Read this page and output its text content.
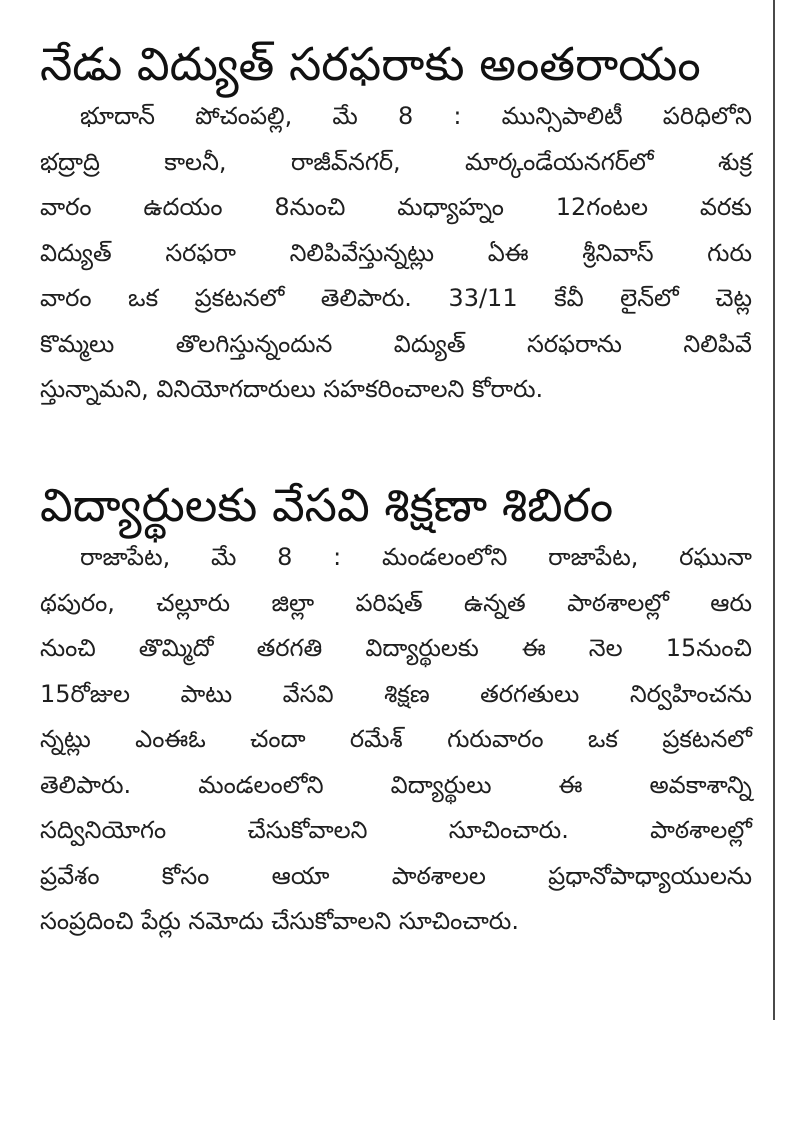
నేడు విద్యుత్ సరఫరాకు అంతరాయం

భూదాన్ పోచంపల్లి, మే 8 : మున్సిపాలిటీ పరిధిలోని
భద్రాద్రి కాలనీ, రాజీవ్‌నగర్, మార్కండేయనగర్‌లో శుక్ర
వారం ఉదయం 8నుంచి మధ్యాహ్నం 12గంటల వరకు
విద్యుత్ సరఫరా నిలిపివేస్తున్నట్లు ఏఈ శ్రీనివాస్ గురు
వారం ఒక ప్రకటనలో తెలిపారు. 33/11 కేవీ లైన్‌లో చెట్ల
కొమ్మలు తొలగిస్తున్నందున విద్యుత్ సరఫరాను నిలిపివే
స్తున్నామని, వినియోగదారులు సహకరించాలని కోరారు.

విద్యార్థులకు వేసవి శిక్షణా శిబిరం

రాజాపేట, మే 8 : మండలంలోని రాజాపేట, రఘునా
థపురం, చల్లూరు జిల్లా పరిషత్ ఉన్నత పాఠశాలల్లో ఆరు
నుంచి తొమ్మిదో తరగతి విద్యార్థులకు ఈ నెల 15నుంచి
15రోజుల పాటు వేసవి శిక్షణ తరగతులు నిర్వహించను
న్నట్లు ఎంఈఓ చందా రమేశ్ గురువారం ఒక ప్రకటనలో
తెలిపారు. మండలంలోని విద్యార్థులు ఈ అవకాశాన్ని
సద్వినియోగం చేసుకోవాలని సూచించారు. పాఠశాలల్లో
ప్రవేశం కోసం ఆయా పాఠశాలల ప్రధానోపాధ్యాయులను
సంప్రదించి పేర్లు నమోదు చేసుకోవాలని సూచించారు.
